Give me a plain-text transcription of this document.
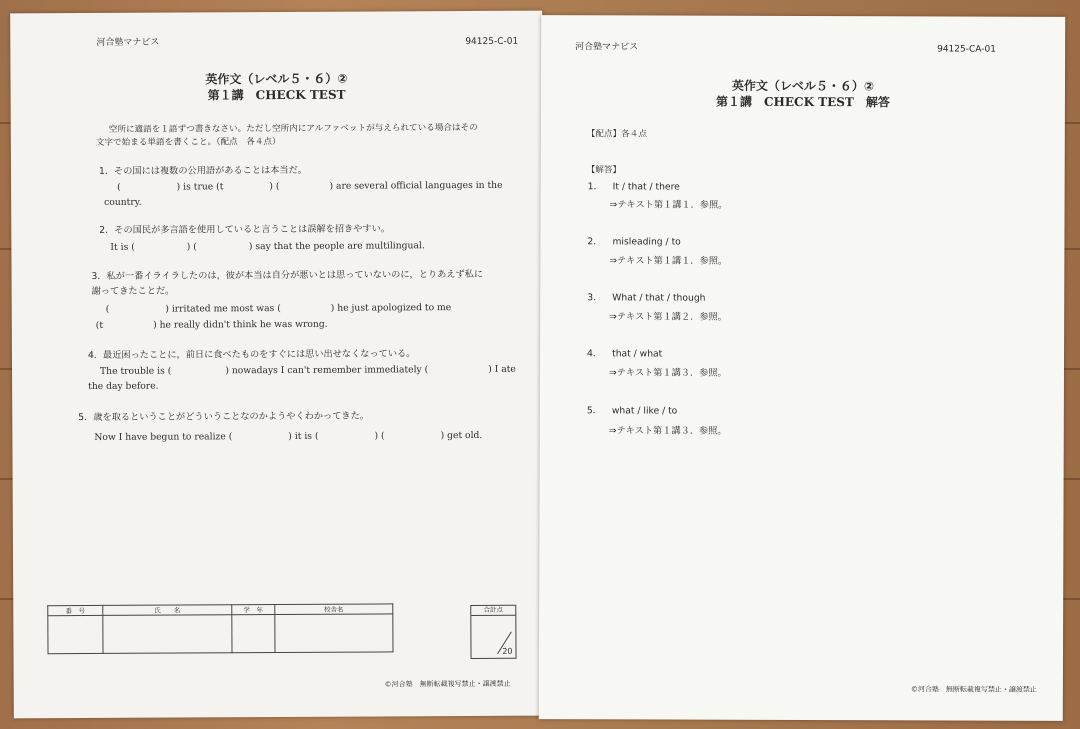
河合塾マナビス	94125-C-01
英作文（レベル５・６）②
第１講　CHECK TEST
空所に適語を１語ずつ書きなさい。ただし空所内にアルファベットが与えられている場合はその
文字で始まる単語を書くこと。（配点　各４点）
1．その国には複数の公用語があることは本当だ。
(	) is true (t	) (	) are several official languages in the
country.
2．その国民が多言語を使用していると言うことは誤解を招きやすい。
It is (	) (	) say that the people are multilingual.
3．私が一番イライラしたのは，彼が本当は自分が悪いとは思っていないのに，とりあえず私に
謝ってきたことだ。
(	) irritated me most was (	) he just apologized to me
(t	) he really didn't think he was wrong.
4．最近困ったことに，前日に食べたものをすぐには思い出せなくなっている。
The trouble is (	) nowadays I can't remember immediately (	) I ate
the day before.
5．歳を取るということがどういうことなのかようやくわかってきた。
Now I have begun to realize (	) it is (	) (	) get old.
番　号	氏　　名	学　年	校舎名
				合計点
20
©河合塾　無断転載複写禁止・譲渡禁止
河合塾マナビス	94125-CA-01
英作文（レベル５・６）②
第１講　CHECK TEST　解答
【配点】各４点
【解答】
1． It / that / there
⇒テキスト第１講１．参照。
2． misleading / to
⇒テキスト第１講１．参照。
3． What / that / though
⇒テキスト第１講２．参照。
4． that / what
⇒テキスト第１講３．参照。
5． what / like / to
⇒テキスト第１講３．参照。
©河合塾　無断転載複写禁止・譲渡禁止
